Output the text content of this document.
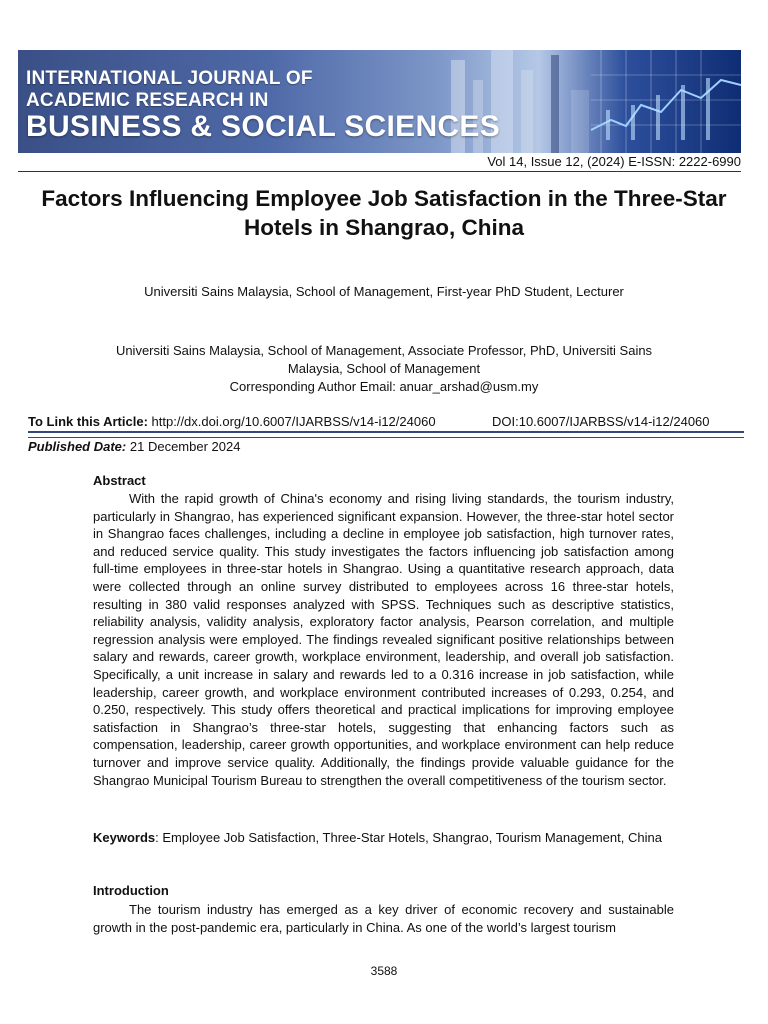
INTERNATIONAL JOURNAL OF
ACADEMIC RESEARCH IN
BUSINESS & SOCIAL SCIENCES
Vol 14, Issue 12, (2024) E-ISSN: 2222-6990
Factors Influencing Employee Job Satisfaction in the Three-Star Hotels in Shangrao, China
Universiti Sains Malaysia, School of Management, First-year PhD Student, Lecturer
Universiti Sains Malaysia, School of Management, Associate Professor, PhD, Universiti Sains
Malaysia, School of Management
Corresponding Author Email: anuar_arshad@usm.my
To Link this Article: http://dx.doi.org/10.6007/IJARBSS/v14-i12/24060	DOI:10.6007/IJARBSS/v14-i12/24060
Published Date: 21 December 2024
Abstract
With the rapid growth of China's economy and rising living standards, the tourism industry, particularly in Shangrao, has experienced significant expansion. However, the three-star hotel sector in Shangrao faces challenges, including a decline in employee job satisfaction, high turnover rates, and reduced service quality. This study investigates the factors influencing job satisfaction among full-time employees in three-star hotels in Shangrao. Using a quantitative research approach, data were collected through an online survey distributed to employees across 16 three-star hotels, resulting in 380 valid responses analyzed with SPSS. Techniques such as descriptive statistics, reliability analysis, validity analysis, exploratory factor analysis, Pearson correlation, and multiple regression analysis were employed. The findings revealed significant positive relationships between salary and rewards, career growth, workplace environment, leadership, and overall job satisfaction. Specifically, a unit increase in salary and rewards led to a 0.316 increase in job satisfaction, while leadership, career growth, and workplace environment contributed increases of 0.293, 0.254, and 0.250, respectively. This study offers theoretical and practical implications for improving employee satisfaction in Shangrao’s three-star hotels, suggesting that enhancing factors such as compensation, leadership, career growth opportunities, and workplace environment can help reduce turnover and improve service quality. Additionally, the findings provide valuable guidance for the Shangrao Municipal Tourism Bureau to strengthen the overall competitiveness of the tourism sector.
Keywords: Employee Job Satisfaction, Three-Star Hotels, Shangrao, Tourism Management, China
Introduction
The tourism industry has emerged as a key driver of economic recovery and sustainable growth in the post-pandemic era, particularly in China. As one of the world’s largest tourism
3588
